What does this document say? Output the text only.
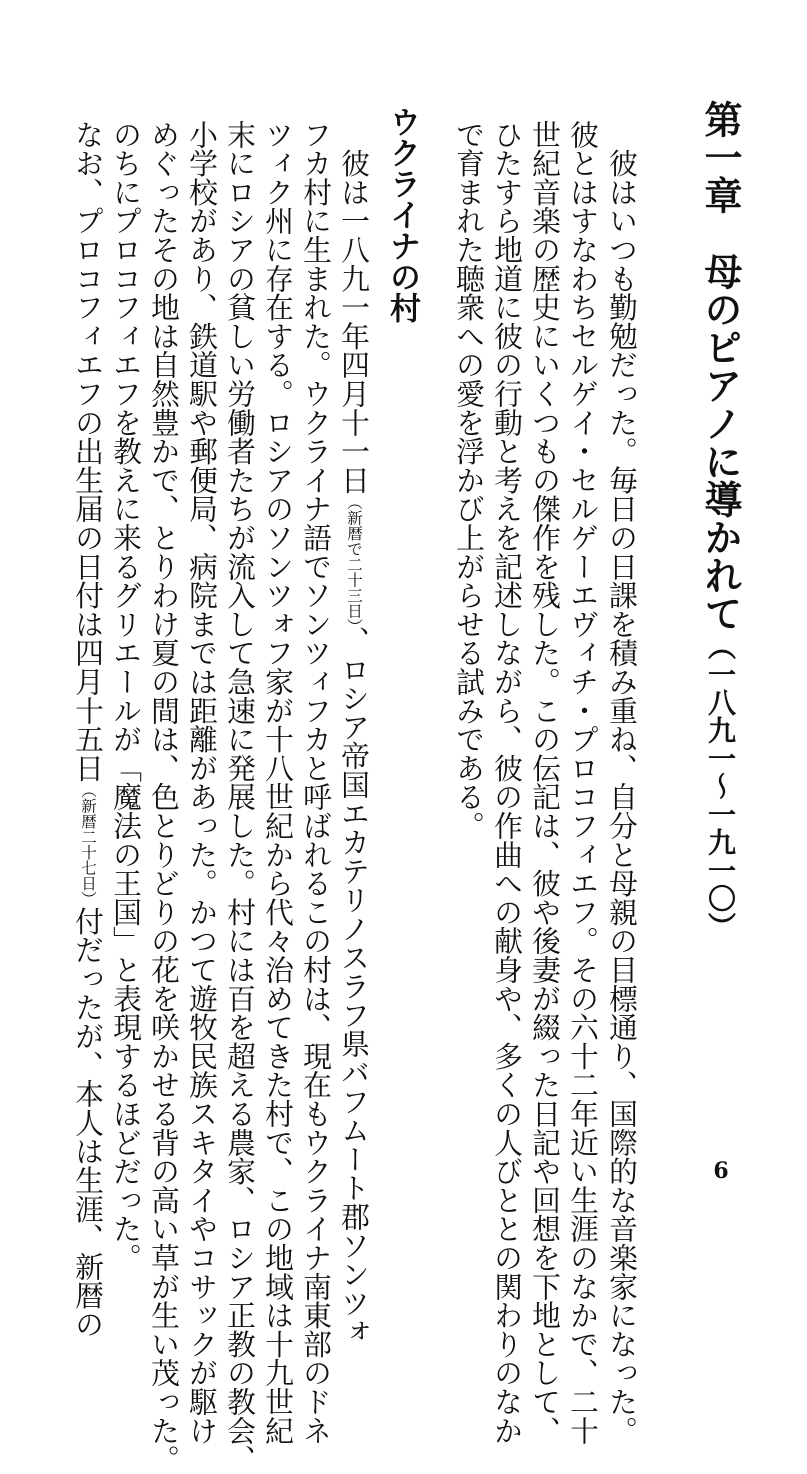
第一章　母のピアノに導かれて（一八九一～一九一〇）
　彼はいつも勤勉だった。毎日の日課を積み重ね、自分と母親の目標通り、国際的な音楽家になった。
彼とはすなわちセルゲイ・セルゲーエヴィチ・プロコフィエフ。その六十二年近い生涯のなかで、二十
世紀音楽の歴史にいくつもの傑作を残した。この伝記は、彼や後妻が綴った日記や回想を下地として、
ひたすら地道に彼の行動と考えを記述しながら、彼の作曲への献身や、多くの人びととの関わりのなか
で育まれた聴衆への愛を浮かび上がらせる試みである。
ウクライナの村
　彼は一八九一年四月十一日（新暦で二十三日）、ロシア帝国エカテリノスラフ県バフムート郡ソンツォ
フカ村に生まれた。ウクライナ語でソンツィフカと呼ばれるこの村は、現在もウクライナ南東部のドネ
ツィク州に存在する。ロシアのソンツォフ家が十八世紀から代々治めてきた村で、この地域は十九世紀
末にロシアの貧しい労働者たちが流入して急速に発展した。村には百を超える農家、ロシア正教の教会、
小学校があり、鉄道駅や郵便局、病院までは距離があった。かつて遊牧民族スキタイやコサックが駆け
めぐったその地は自然豊かで、とりわけ夏の間は、色とりどりの花を咲かせる背の高い草が生い茂った。
のちにプロコフィエフを教えに来るグリエールが「魔法の王国」と表現するほどだった。
なお、プロコフィエフの出生届の日付は四月十五日（新暦二十七日）付だったが、本人は生涯、新暦の	6
